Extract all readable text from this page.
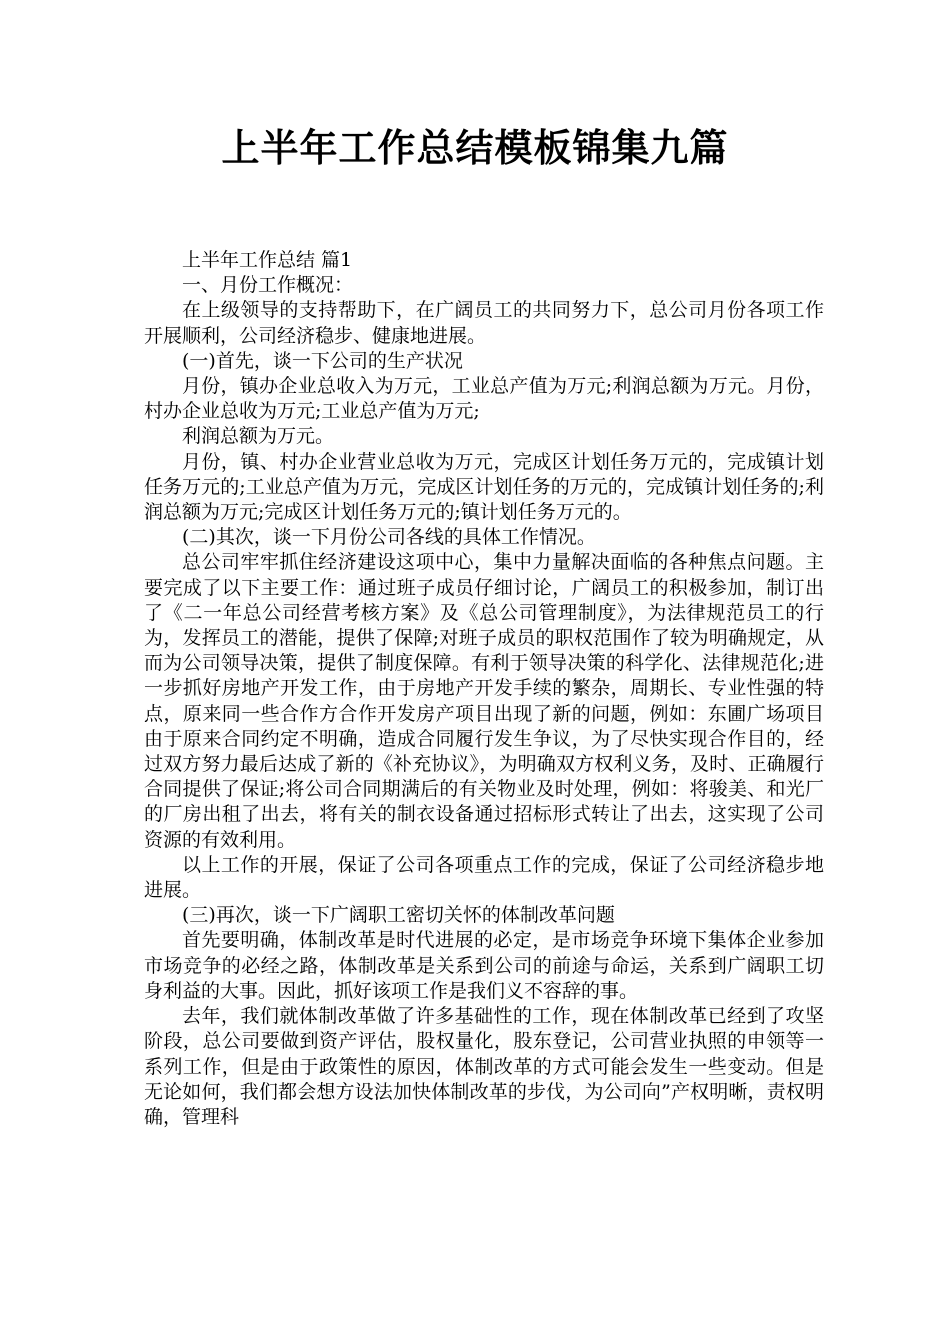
上半年工作总结模板锦集九篇

上半年工作总结 篇1

一、月份工作概况：

在上级领导的支持帮助下，在广阔员工的共同努力下，总公司月份各项工作开展顺利，公司经济稳步、健康地进展。

(一)首先，谈一下公司的生产状况

月份，镇办企业总收入为万元，工业总产值为万元;利润总额为万元。月份，村办企业总收为万元;工业总产值为万元;

利润总额为万元。

月份，镇、村办企业营业总收为万元，完成区计划任务万元的，完成镇计划任务万元的;工业总产值为万元，完成区计划任务的万元的，完成镇计划任务的;利润总额为万元;完成区计划任务万元的;镇计划任务万元的。

(二)其次，谈一下月份公司各线的具体工作情况。

总公司牢牢抓住经济建设这项中心，集中力量解决面临的各种焦点问题。主要完成了以下主要工作：通过班子成员仔细讨论，广阔员工的积极参加，制订出了《二一年总公司经营考核方案》及《总公司管理制度》，为法律规范员工的行为，发挥员工的潜能，提供了保障;对班子成员的职权范围作了较为明确规定，从而为公司领导决策，提供了制度保障。有利于领导决策的科学化、法律规范化;进一步抓好房地产开发工作，由于房地产开发手续的繁杂，周期长、专业性强的特点，原来同一些合作方合作开发房产项目出现了新的问题，例如：东圃广场项目由于原来合同约定不明确，造成合同履行发生争议，为了尽快实现合作目的，经过双方努力最后达成了新的《补充协议》，为明确双方权利义务，及时、正确履行合同提供了保证;将公司合同期满后的有关物业及时处理，例如：将骏美、和光厂的厂房出租了出去，将有关的制衣设备通过招标形式转让了出去，这实现了公司资源的有效利用。

以上工作的开展，保证了公司各项重点工作的完成，保证了公司经济稳步地进展。

(三)再次，谈一下广阔职工密切关怀的体制改革问题

首先要明确，体制改革是时代进展的必定，是市场竞争环境下集体企业参加市场竞争的必经之路，体制改革是关系到公司的前途与命运，关系到广阔职工切身利益的大事。因此，抓好该项工作是我们义不容辞的事。

去年，我们就体制改革做了许多基础性的工作，现在体制改革已经到了攻坚阶段，总公司要做到资产评估，股权量化，股东登记，公司营业执照的申领等一系列工作，但是由于政策性的原因，体制改革的方式可能会发生一些变动。但是无论如何，我们都会想方设法加快体制改革的步伐，为公司向”产权明晰，责权明确，管理科
